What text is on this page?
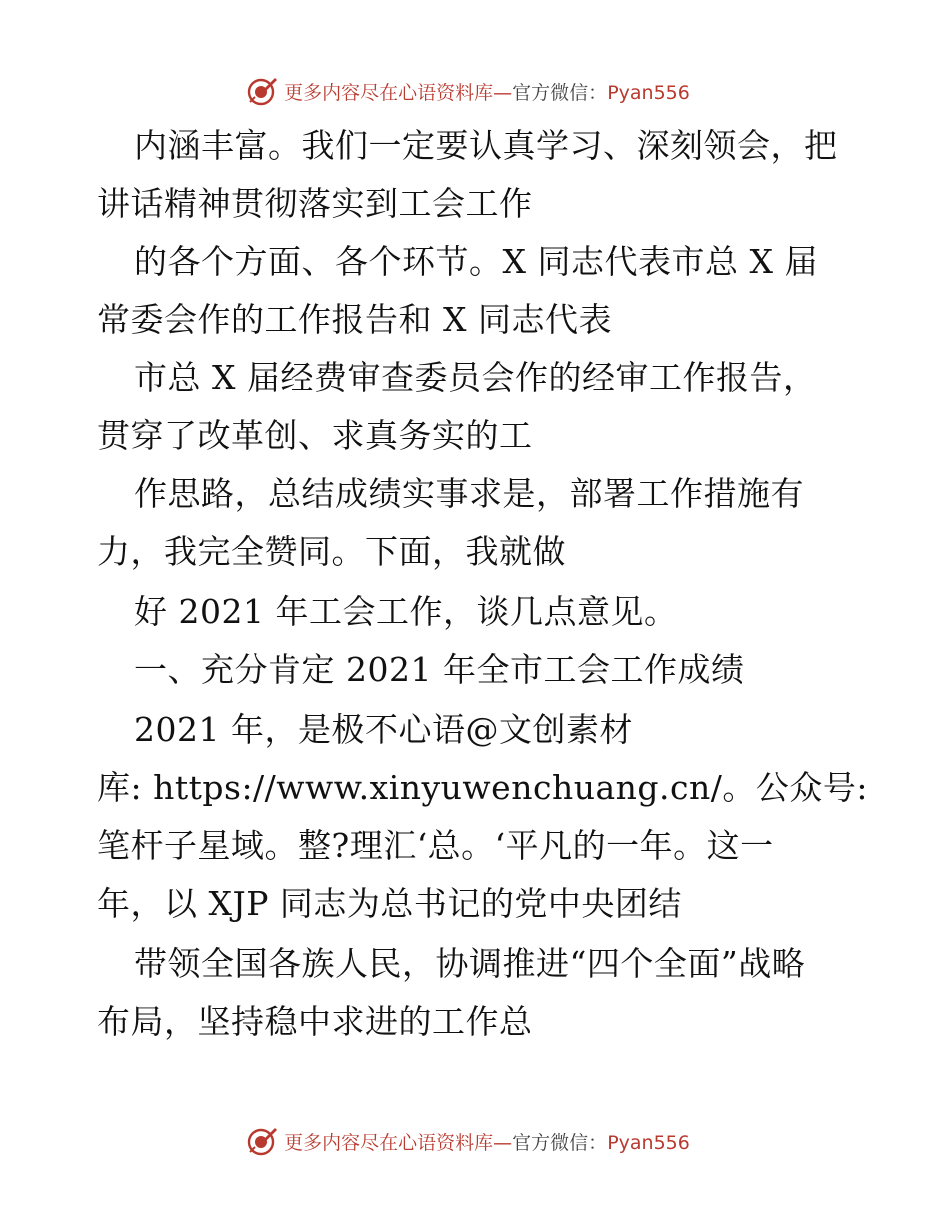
更多内容尽在心语资料库—官方微信：Pyan556
内涵丰富。我们一定要认真学习、深刻领会，把
讲话精神贯彻落实到工会工作
的各个方面、各个环节。X 同志代表市总 X 届
常委会作的工作报告和 X 同志代表
市总 X 届经费审查委员会作的经审工作报告，
贯穿了改革创、求真务实的工
作思路，总结成绩实事求是，部署工作措施有
力，我完全赞同。下面，我就做
好 2021 年工会工作，谈几点意见。
一、充分肯定 2021 年全市工会工作成绩
2021 年，是极不心语@文创素材
库: https://www.xinyuwenchuang.cn/。公众号:
笔杆子星域。整?理汇‘总。‘平凡的一年。这一
年，以 XJP 同志为总书记的党中央团结
带领全国各族人民，协调推进“四个全面”战略
布局，坚持稳中求进的工作总
更多内容尽在心语资料库—官方微信：Pyan556
